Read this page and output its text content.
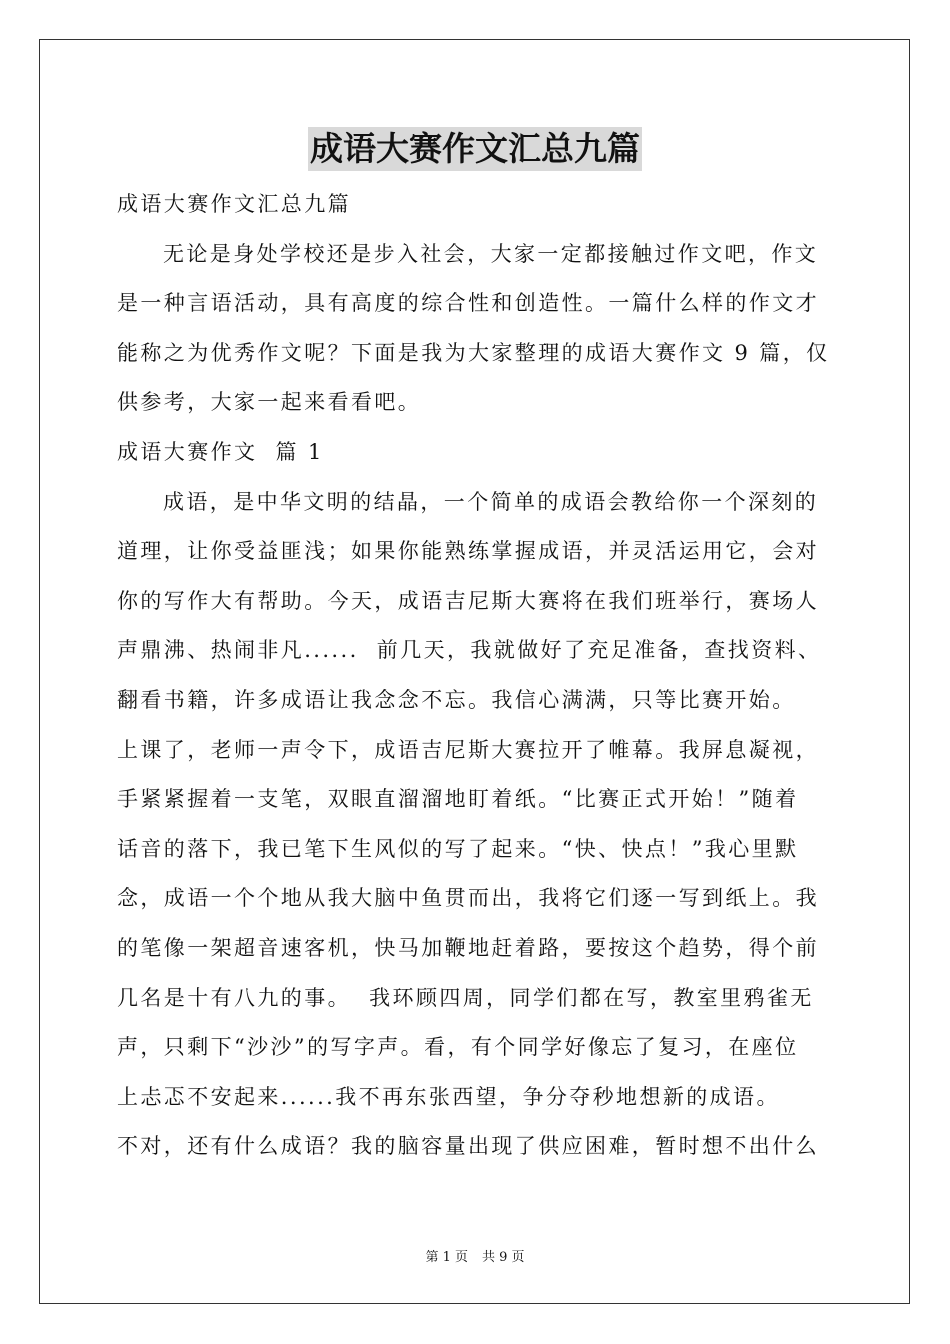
成语大赛作文汇总九篇
成语大赛作文汇总九篇
无论是身处学校还是步入社会，大家一定都接触过作文吧，作文
是一种言语活动，具有高度的综合性和创造性。一篇什么样的作文才
能称之为优秀作文呢？下面是我为大家整理的成语大赛作文 9 篇，仅
供参考，大家一起来看看吧。
成语大赛作文  篇 1
成语，是中华文明的结晶，一个简单的成语会教给你一个深刻的
道理，让你受益匪浅；如果你能熟练掌握成语，并灵活运用它，会对
你的写作大有帮助。今天，成语吉尼斯大赛将在我们班举行，赛场人
声鼎沸、热闹非凡......  前几天，我就做好了充足准备，查找资料、
翻看书籍，许多成语让我念念不忘。我信心满满，只等比赛开始。
上课了，老师一声令下，成语吉尼斯大赛拉开了帷幕。我屏息凝视，
手紧紧握着一支笔，双眼直溜溜地盯着纸。“比赛正式开始！”随着
话音的落下，我已笔下生风似的写了起来。“快、快点！”我心里默
念，成语一个个地从我大脑中鱼贯而出，我将它们逐一写到纸上。我
的笔像一架超音速客机，快马加鞭地赶着路，要按这个趋势，得个前
几名是十有八九的事。  我环顾四周，同学们都在写，教室里鸦雀无
声，只剩下“沙沙”的写字声。看，有个同学好像忘了复习，在座位
上忐忑不安起来......我不再东张西望，争分夺秒地想新的成语。
不对，还有什么成语？我的脑容量出现了供应困难，暂时想不出什么
第 1 页 共 9 页
